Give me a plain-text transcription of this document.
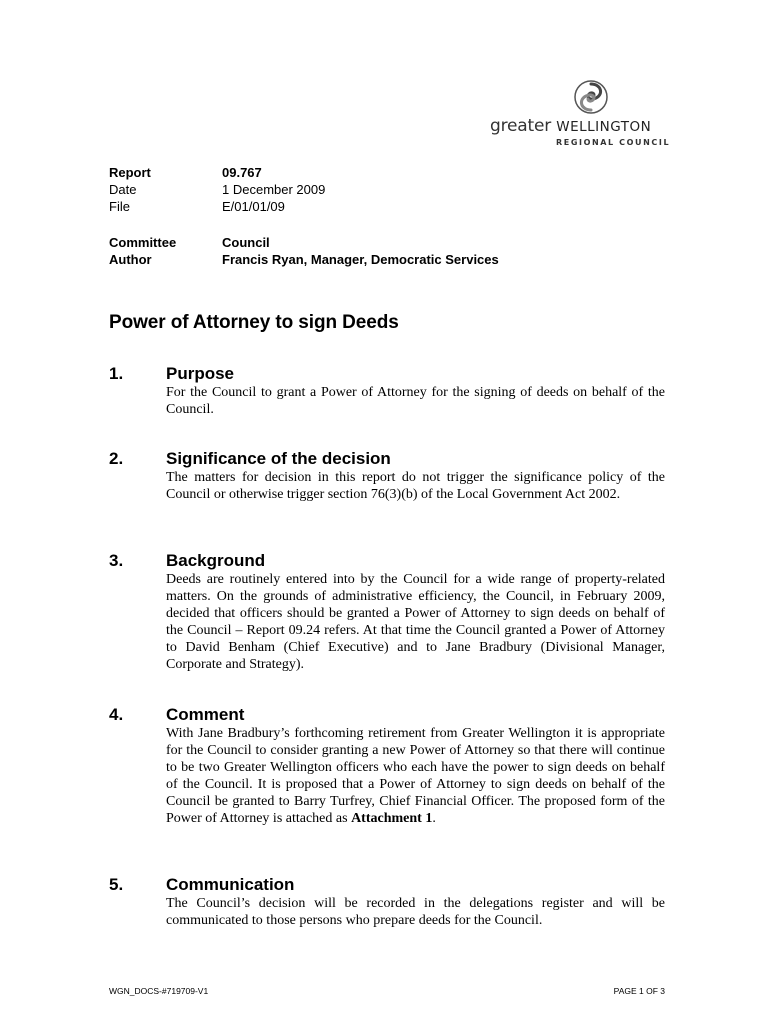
greater WELLINGTON
REGIONAL COUNCIL
Report	09.767
Date	1 December 2009
File	E/01/01/09
Committee	Council
Author	Francis Ryan, Manager, Democratic Services
Power of Attorney to sign Deeds
1.	Purpose
For the Council to grant a Power of Attorney for the signing of deeds on behalf of the Council.
2.	Significance of the decision
The matters for decision in this report do not trigger the significance policy of the Council or otherwise trigger section 76(3)(b) of the Local Government Act 2002.
3.	Background
Deeds are routinely entered into by the Council for a wide range of property-related matters. On the grounds of administrative efficiency, the Council, in February 2009, decided that officers should be granted a Power of Attorney to sign deeds on behalf of the Council – Report 09.24 refers. At that time the Council granted a Power of Attorney to David Benham (Chief Executive) and to Jane Bradbury (Divisional Manager, Corporate and Strategy).
4.	Comment
With Jane Bradbury’s forthcoming retirement from Greater Wellington it is appropriate for the Council to consider granting a new Power of Attorney so that there will continue to be two Greater Wellington officers who each have the power to sign deeds on behalf of the Council. It is proposed that a Power of Attorney to sign deeds on behalf of the Council be granted to Barry Turfrey, Chief Financial Officer. The proposed form of the Power of Attorney is attached as Attachment 1.
5.	Communication
The Council’s decision will be recorded in the delegations register and will be communicated to those persons who prepare deeds for the Council.
WGN_DOCS-#719709-V1	PAGE 1 OF 3
